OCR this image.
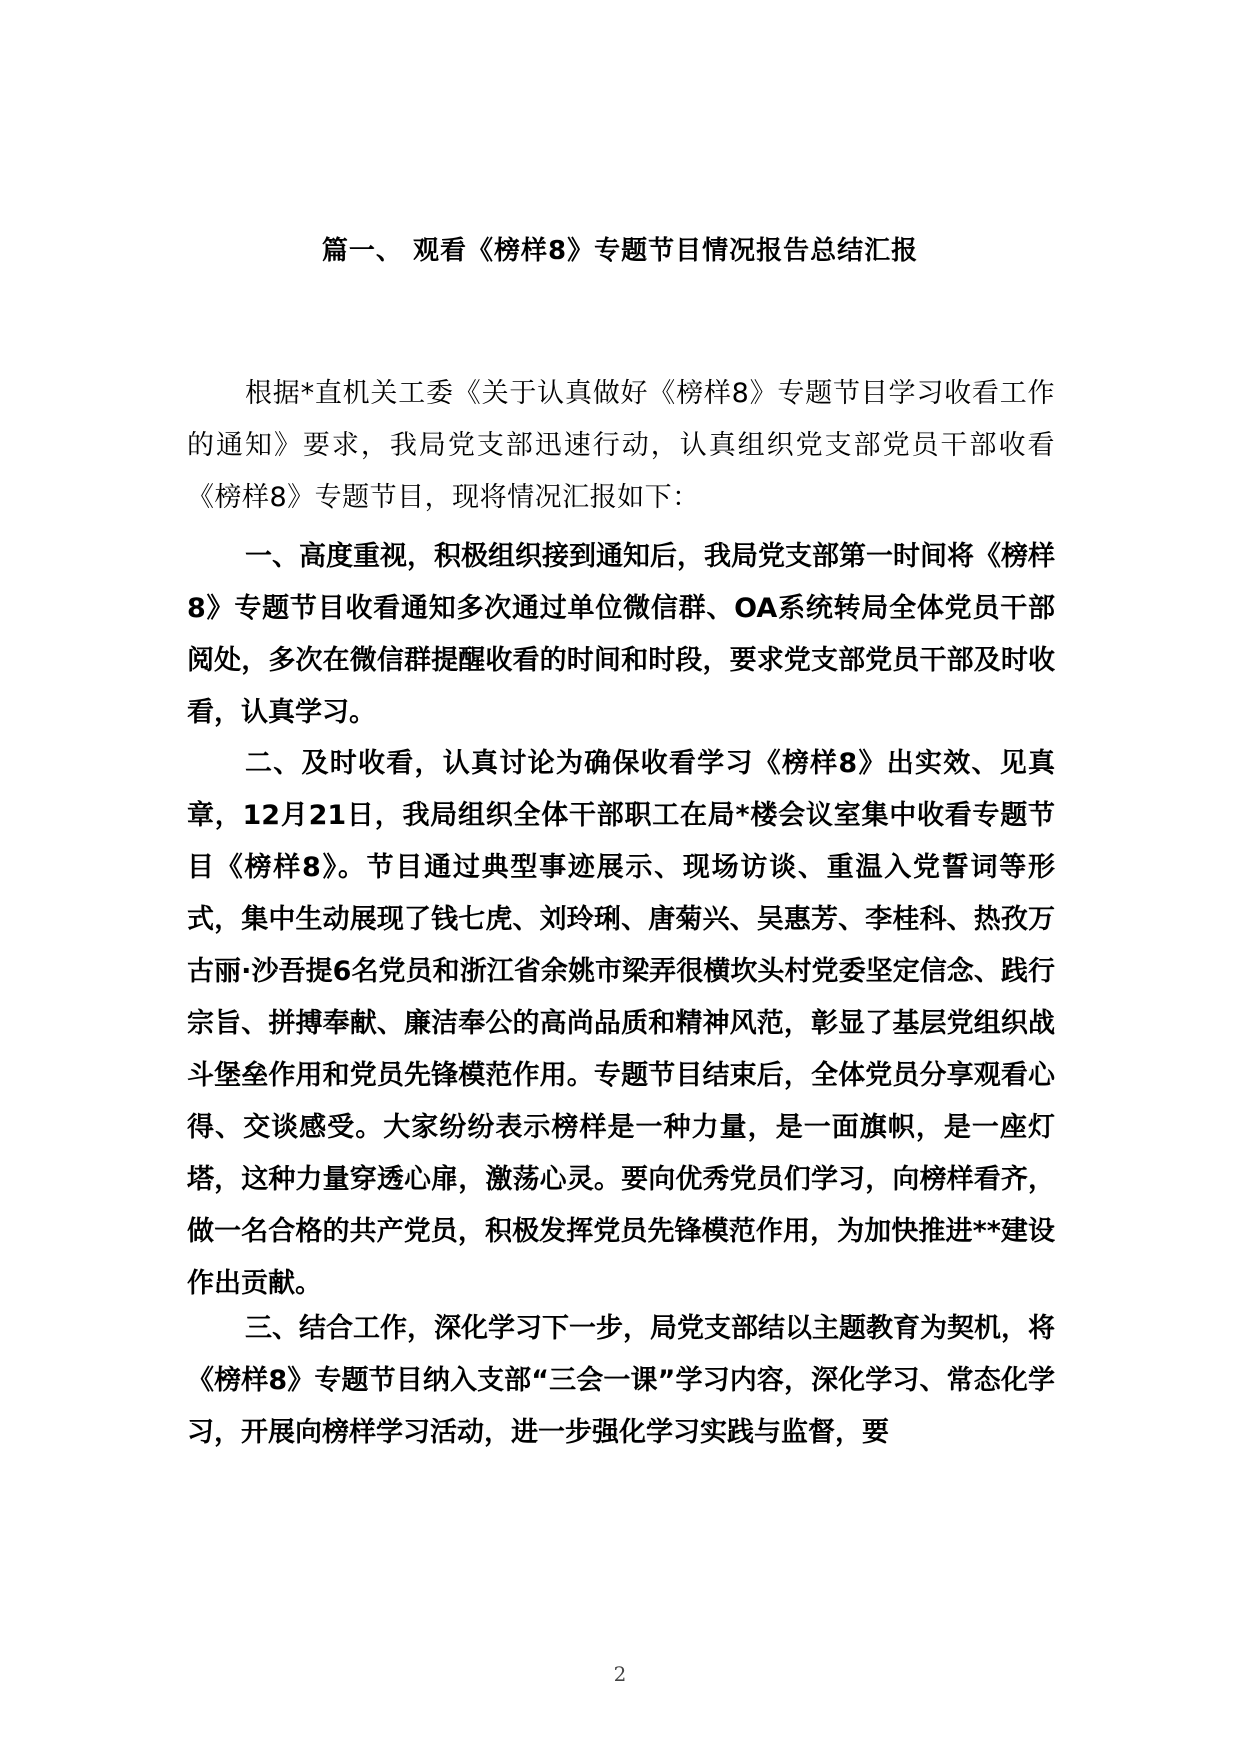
篇一、 观看《榜样8》专题节目情况报告总结汇报

根据*直机关工委《关于认真做好《榜样8》专题节目学习收看工作的通知》要求，我局党支部迅速行动，认真组织党支部党员干部收看《榜样8》专题节目，现将情况汇报如下：

一、高度重视，积极组织接到通知后，我局党支部第一时间将《榜样8》专题节目收看通知多次通过单位微信群、OA系统转局全体党员干部阅处，多次在微信群提醒收看的时间和时段，要求党支部党员干部及时收看，认真学习。

二、及时收看，认真讨论为确保收看学习《榜样8》出实效、见真章，12月21日，我局组织全体干部职工在局*楼会议室集中收看专题节目《榜样8》。节目通过典型事迹展示、现场访谈、重温入党誓词等形式，集中生动展现了钱七虎、刘玲琍、唐菊兴、吴惠芳、李桂科、热孜万古丽·沙吾提6名党员和浙江省余姚市梁弄很横坎头村党委坚定信念、践行宗旨、拼搏奉献、廉洁奉公的高尚品质和精神风范，彰显了基层党组织战斗堡垒作用和党员先锋模范作用。专题节目结束后，全体党员分享观看心得、交谈感受。大家纷纷表示榜样是一种力量，是一面旗帜，是一座灯塔，这种力量穿透心扉，激荡心灵。要向优秀党员们学习，向榜样看齐，做一名合格的共产党员，积极发挥党员先锋模范作用，为加快推进**建设作出贡献。

三、结合工作，深化学习下一步，局党支部结以主题教育为契机，将《榜样8》专题节目纳入支部“三会一课”学习内容，深化学习、常态化学习，开展向榜样学习活动，进一步强化学习实践与监督，要

2
